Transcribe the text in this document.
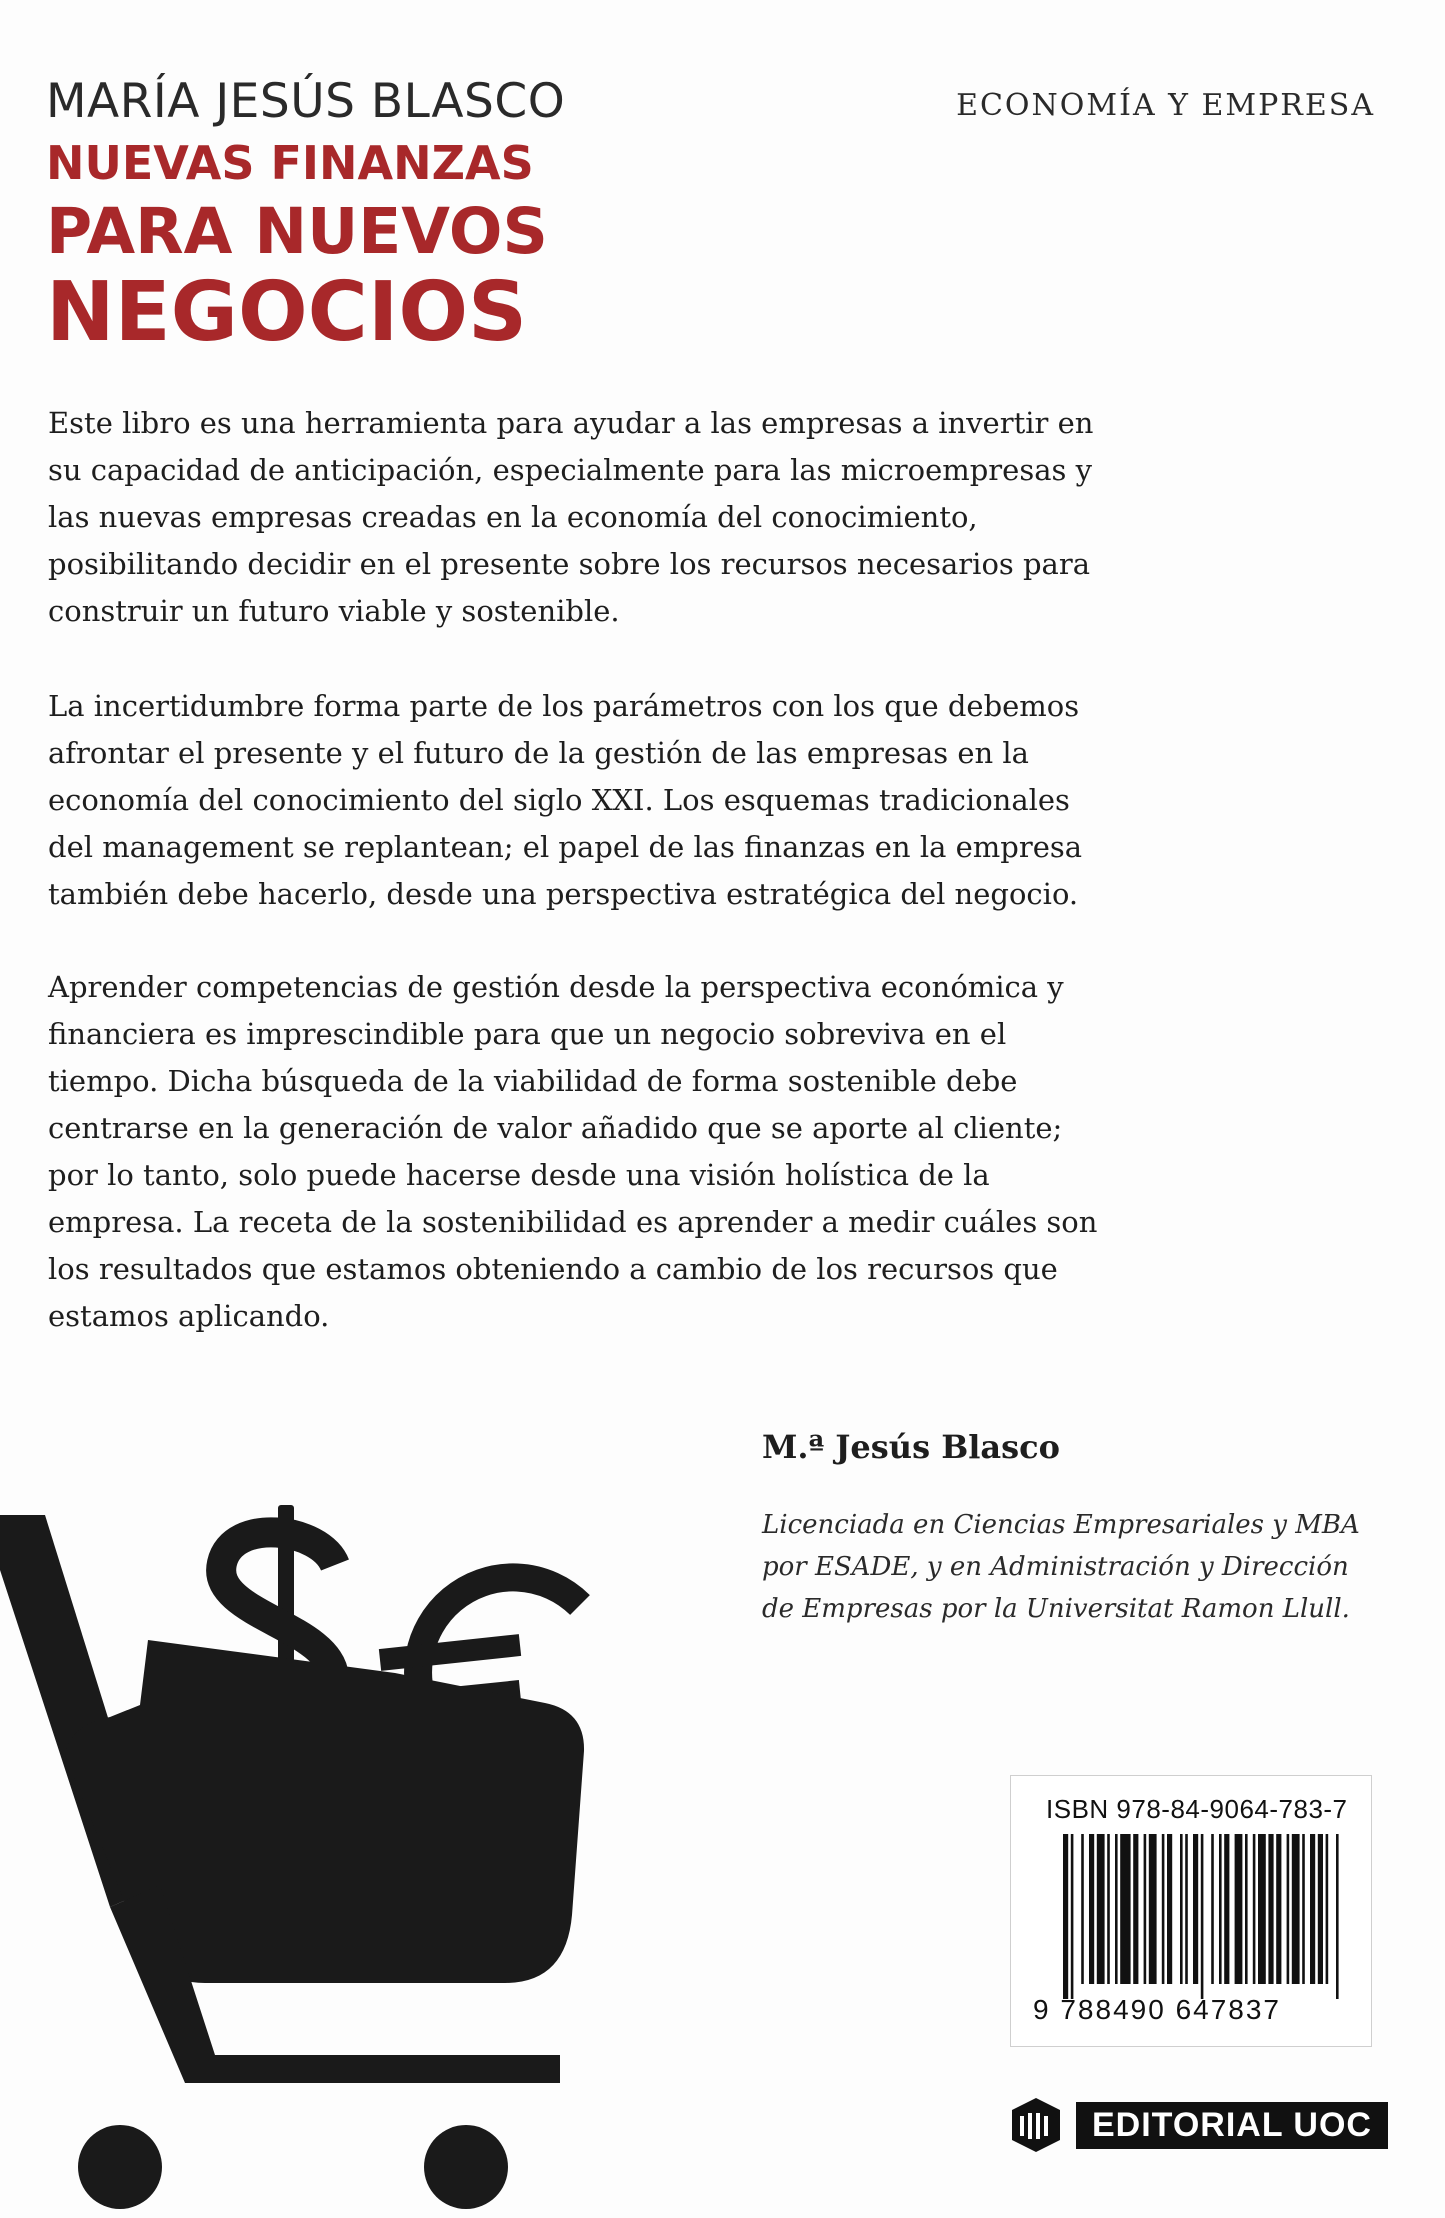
MARÍA JESÚS BLASCO
NUEVAS FINANZAS
PARA NUEVOS
NEGOCIOS
ECONOMÍA Y EMPRESA

Este libro es una herramienta para ayudar a las empresas a invertir en su capacidad de anticipación, especialmente para las microempresas y las nuevas empresas creadas en la economía del conocimiento, posibilitando decidir en el presente sobre los recursos necesarios para construir un futuro viable y sostenible.

La incertidumbre forma parte de los parámetros con los que debemos afrontar el presente y el futuro de la gestión de las empresas en la economía del conocimiento del siglo XXI. Los esquemas tradicionales del management se replantean; el papel de las finanzas en la empresa también debe hacerlo, desde una perspectiva estratégica del negocio.

Aprender competencias de gestión desde la perspectiva económica y financiera es imprescindible para que un negocio sobreviva en el tiempo. Dicha búsqueda de la viabilidad de forma sostenible debe centrarse en la generación de valor añadido que se aporte al cliente; por lo tanto, solo puede hacerse desde una visión holística de la empresa. La receta de la sostenibilidad es aprender a medir cuáles son los resultados que estamos obteniendo a cambio de los recursos que estamos aplicando.

M.ª Jesús Blasco

Licenciada en Ciencias Empresariales y MBA por ESADE, y en Administración y Dirección de Empresas por la Universitat Ramon Llull.

ISBN 978-84-9064-783-7
9 788490 647837
EDITORIAL UOC
